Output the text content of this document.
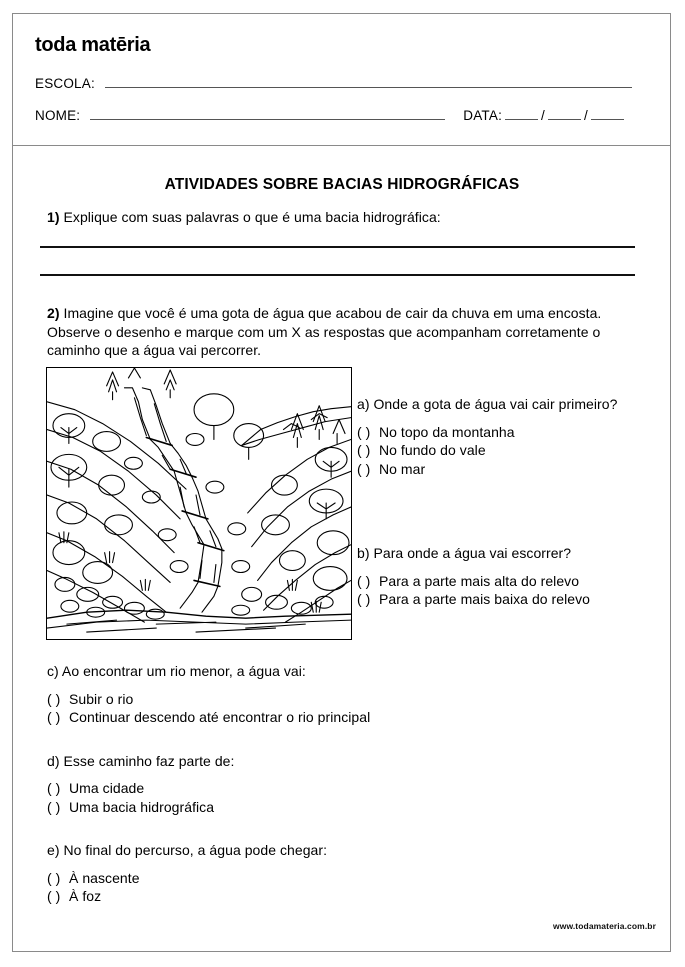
toda matēria
ESCOLA:
NOME:	DATA:	/	/
ATIVIDADES SOBRE BACIAS HIDROGRÁFICAS
1) Explique com suas palavras o que é uma bacia hidrográfica:
2) Imagine que você é uma gota de água que acabou de cair da chuva em uma encosta. Observe o desenho e marque com um X as respostas que acompanham corretamente o caminho que a água vai percorrer.
a) Onde a gota de água vai cair primeiro?
( ) No topo da montanha
( ) No fundo do vale
( ) No mar
b) Para onde a água vai escorrer?
( ) Para a parte mais alta do relevo
( ) Para a parte mais baixa do relevo
c) Ao encontrar um rio menor, a água vai:
( ) Subir o rio
( ) Continuar descendo até encontrar o rio principal
d) Esse caminho faz parte de:
( ) Uma cidade
( ) Uma bacia hidrográfica
e) No final do percurso, a água pode chegar:
( ) À nascente
( ) À foz
www.todamateria.com.br
